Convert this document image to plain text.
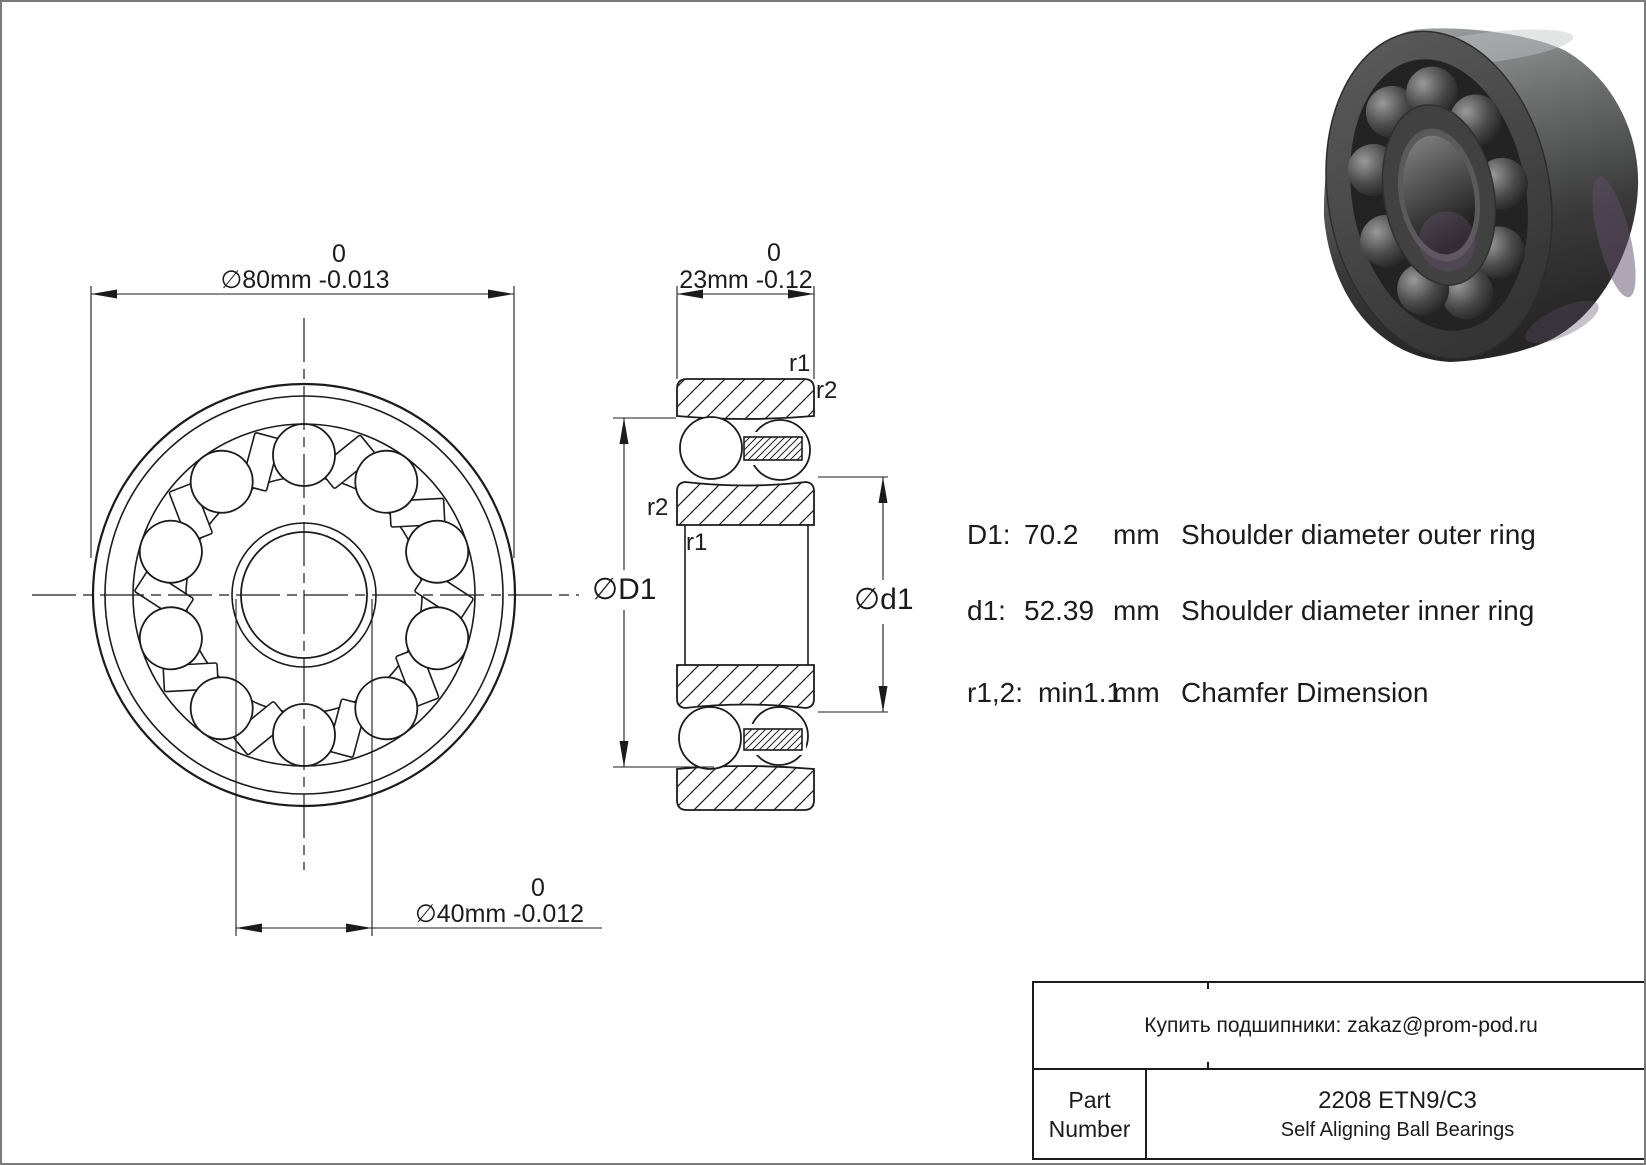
∅80mm -0.013
0
∅40mm -0.012
0
23mm -0.12
0
∅D1	∅d1
r1
r2
r2
r1	D1: 70.2 mm Shoulder diameter outer ring
d1: 52.39 mm Shoulder diameter inner ring
r1,2: min1.1
mm Chamfer Dimension
Купить подшипники: zakaz@prom-pod.ru
Part
Number
2208 ETN9/C3
Self Aligning Ball Bearings
